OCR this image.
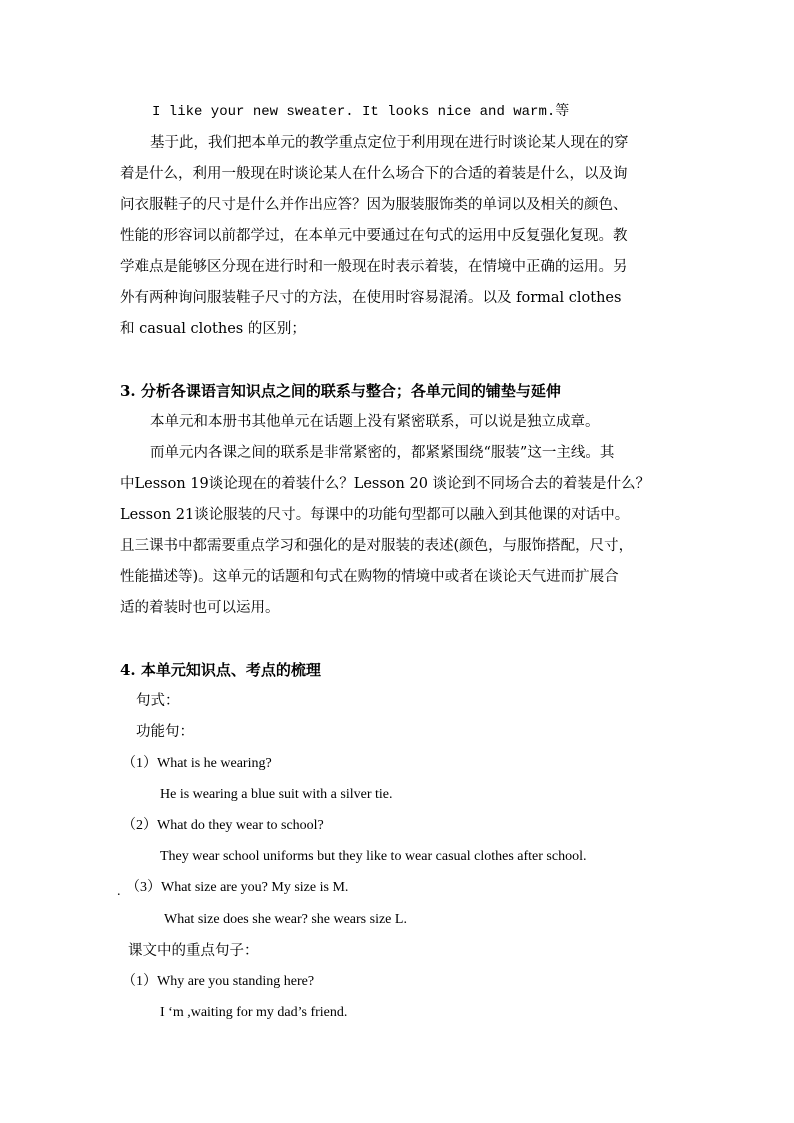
I like your new sweater. It looks nice and warm.等
基于此，我们把本单元的教学重点定位于利用现在进行时谈论某人现在的穿
着是什么，利用一般现在时谈论某人在什么场合下的合适的着装是什么，以及询
问衣服鞋子的尺寸是什么并作出应答？因为服装服饰类的单词以及相关的颜色、
性能的形容词以前都学过，在本单元中要通过在句式的运用中反复强化复现。教
学难点是能够区分现在进行时和一般现在时表示着装，在情境中正确的运用。另
外有两种询问服装鞋子尺寸的方法，在使用时容易混淆。以及 formal clothes
和 casual clothes 的区别；
3. 分析各课语言知识点之间的联系与整合；各单元间的铺垫与延伸
本单元和本册书其他单元在话题上没有紧密联系，可以说是独立成章。
而单元内各课之间的联系是非常紧密的，都紧紧围绕“服装”这一主线。其
中Lesson 19谈论现在的着装什么？Lesson 20 谈论到不同场合去的着装是什么？
Lesson 21谈论服装的尺寸。每课中的功能句型都可以融入到其他课的对话中。
且三课书中都需要重点学习和强化的是对服装的表述(颜色，与服饰搭配，尺寸，
性能描述等)。这单元的话题和句式在购物的情境中或者在谈论天气进而扩展合
适的着装时也可以运用。
4. 本单元知识点、考点的梳理
句式：
功能句：
（1）What is he wearing?
He is wearing a blue suit with a silver tie.
（2）What do they wear to school?
They wear school uniforms but they like to wear casual clothes after school.
. （3）What size are you? My size is M.
What size does she wear? she wears size L.
课文中的重点句子：
（1）Why are you standing here?
I ‘m ,waiting for my dad’s friend.
